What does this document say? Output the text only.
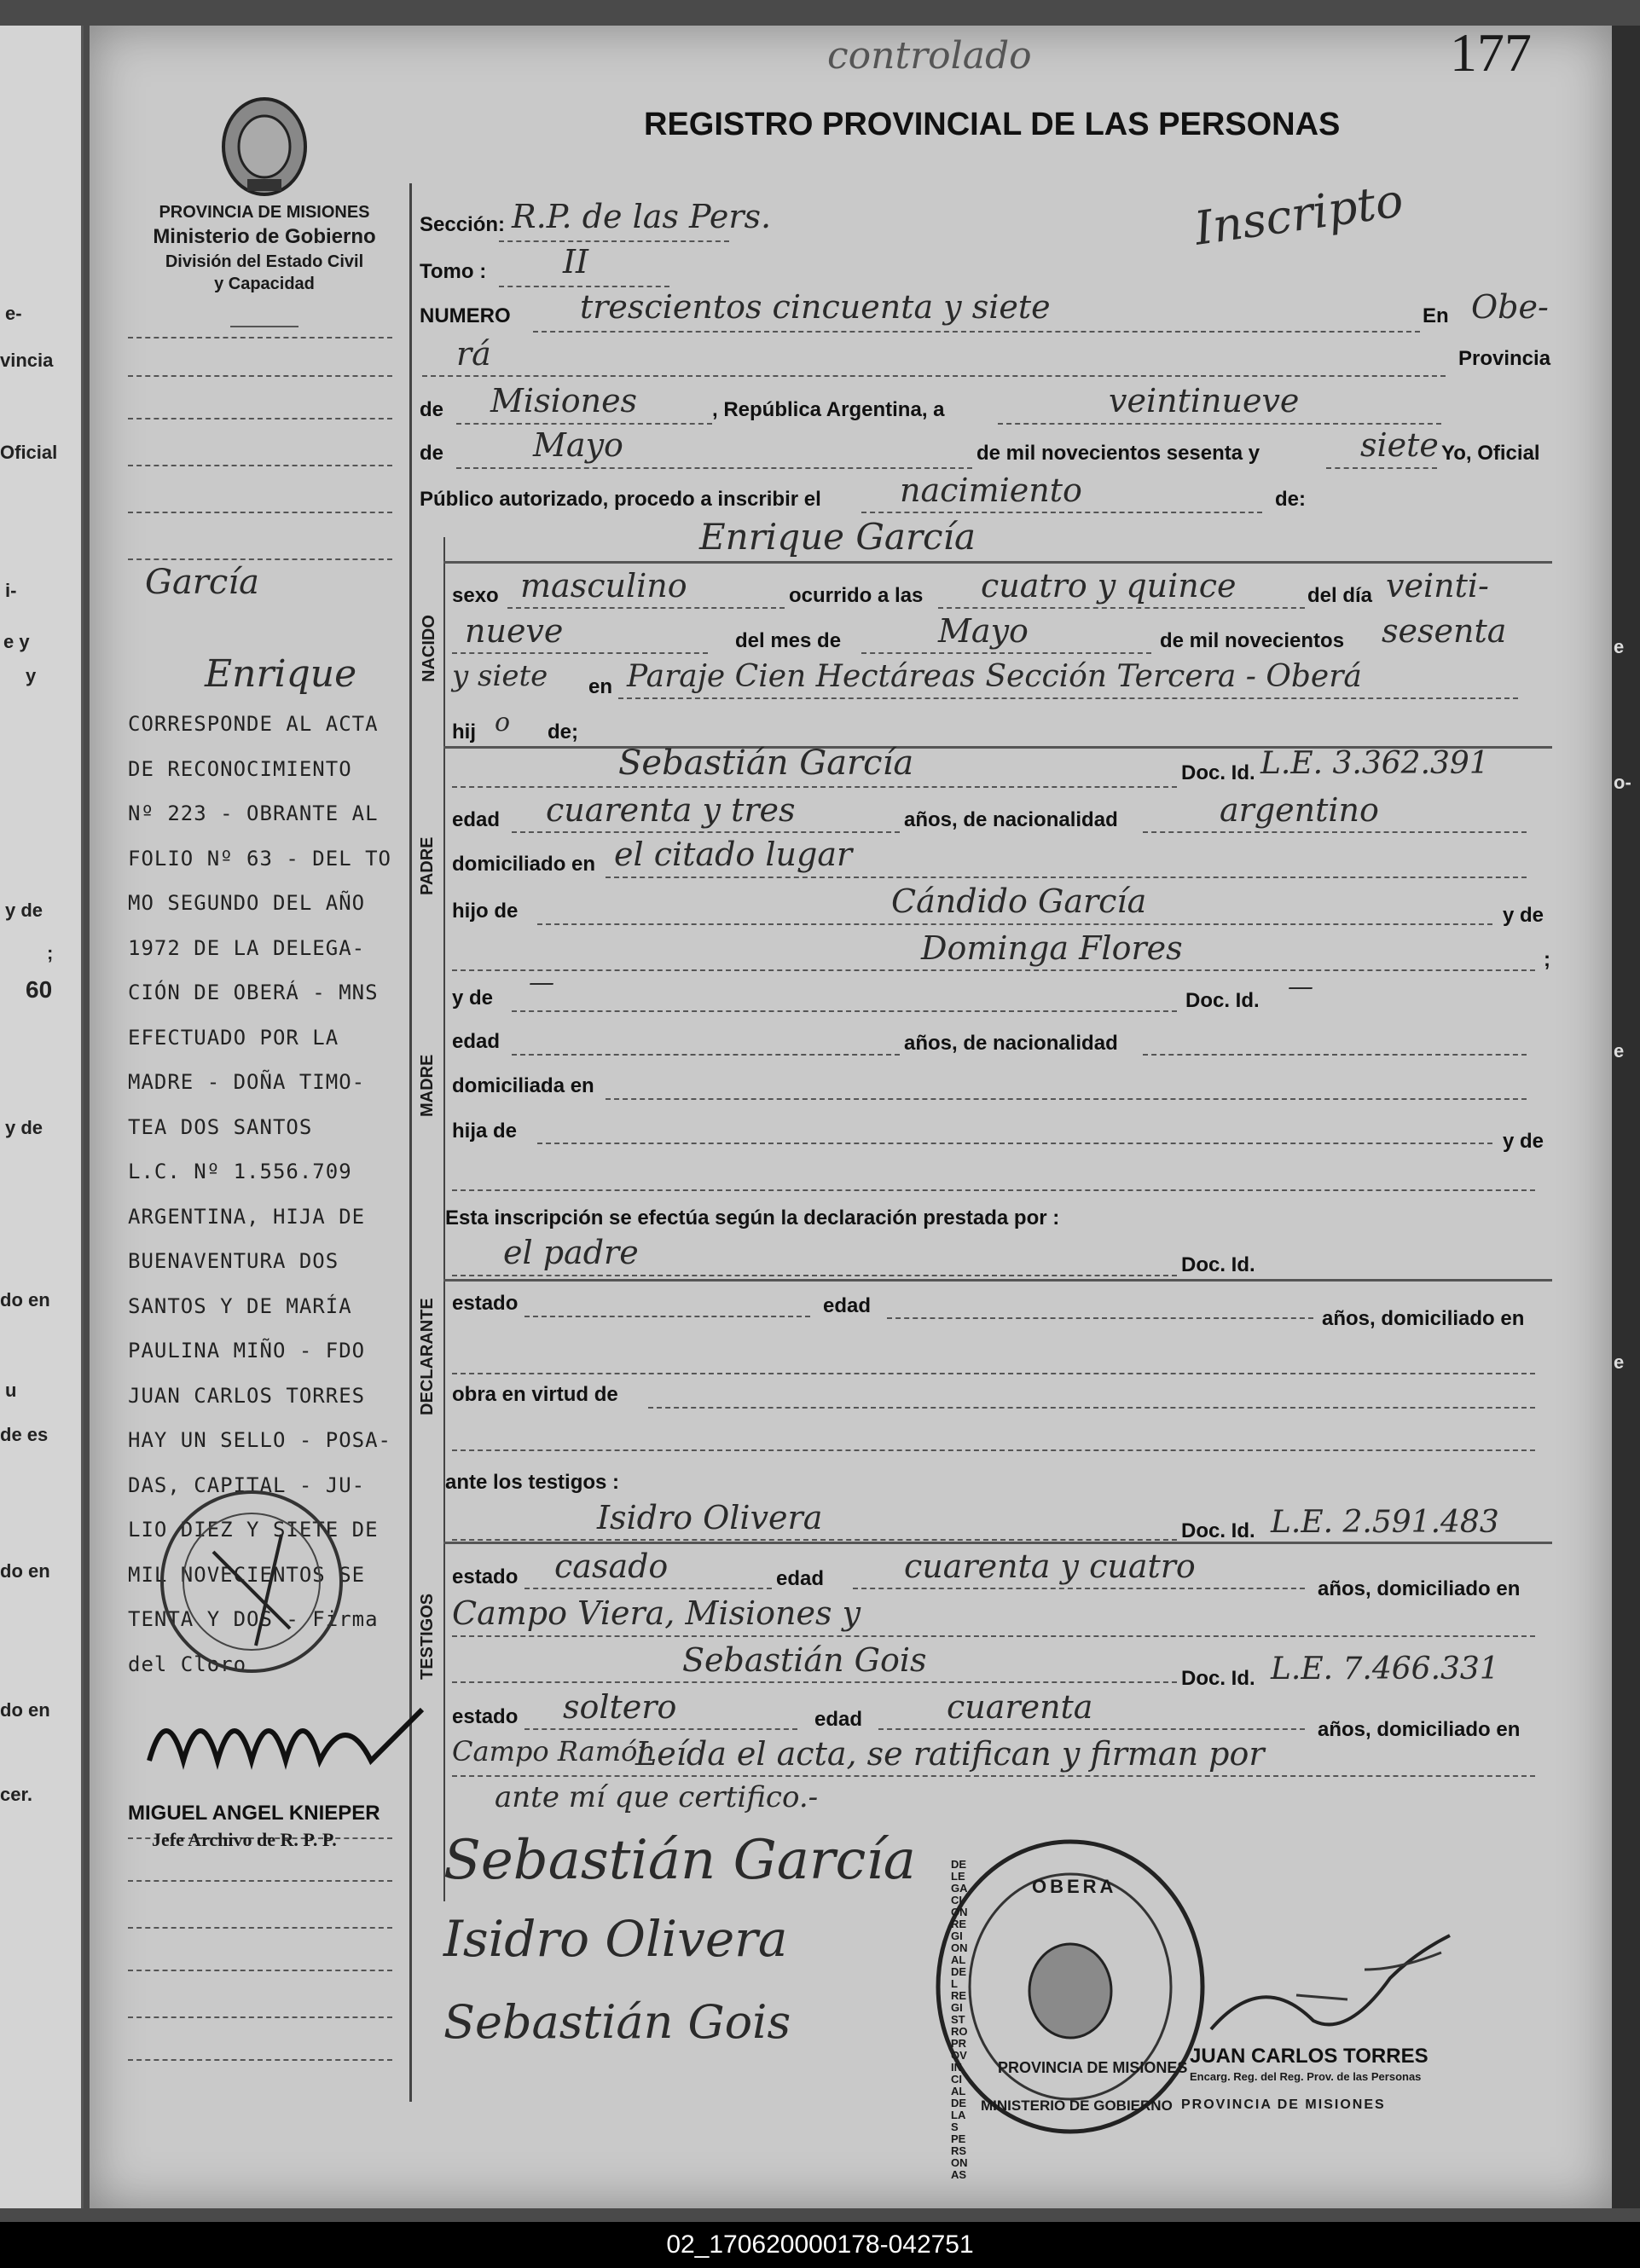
e-
vincia
Oficial
i-
e y
y
y de
;
60
y de
do en
u
de es
do en
do en
cer.
e
o-
e
e
controlado	177
REGISTRO PROVINCIAL DE LAS PERSONAS
Inscripto
PROVINCIA DE MISIONES
Ministerio de Gobierno
División del Estado Civil
y Capacidad
García
Enrique
CORRESPONDE AL ACTA
DE RECONOCIMIENTO
Nº 223 - OBRANTE AL
FOLIO Nº 63 - DEL TO
MO SEGUNDO DEL AÑO
1972 DE LA DELEGA-
CIÓN DE OBERÁ - MNS
EFECTUADO POR LA
MADRE - DOÑA TIMO-
TEA DOS SANTOS
L.C. Nº 1.556.709
ARGENTINA, HIJA DE
BUENAVENTURA DOS
SANTOS Y DE MARÍA
PAULINA MIÑO - FDO
JUAN CARLOS TORRES
HAY UN SELLO - POSA-
DAS, CAPITAL - JU-
LIO DIEZ Y SIETE DE
MIL NOVECIENTOS SE
TENTA Y DOS - Firma
del Cloro
MIGUEL ANGEL KNIEPER
Jefe Archivo de R. P. P.
Sección: R.P. de las Pers.
Tomo : II
NUMERO trescientos cincuenta y siete	En Obe-
rá	Provincia
de Misiones	, República Argentina, a	veintinueve
de	Mayo	de mil novecientos sesenta y	siete Yo, Oficial
Público autorizado, procedo a inscribir el nacimiento	de:
NACIDO
Enrique García
sexo masculino	ocurrido a las cuatro y quince	del día veinti-
nueve	del mes de	Mayo	de mil novecientos sesenta
y siete en Paraje Cien Hectáreas Sección Tercera - Oberá
hij o de;
PADRE
Sebastián García	Doc. Id. L.E. 3.362.391
edad cuarenta y tres	años, de nacionalidad	argentino
domiciliado en el citado lugar
hijo de	Cándido García	y de
Dominga Flores	;
y de
—
Doc. Id. —
MADRE
edad	años, de nacionalidad
domiciliada en
hija de	y de
Esta inscripción se efectúa según la declaración prestada por :
el padre	Doc. Id.
DECLARANTE estado	edad
años, domiciliado en
obra en virtud de
ante los testigos :
Isidro Olivera	Doc. Id. L.E. 2.591.483
TESTIGOS
estado casado	edad cuarenta y cuatro
años, domiciliado en
Campo Viera, Misiones y
Sebastián Gois	Doc. Id. L.E. 7.466.331
estado soltero	edad	cuarenta
años, domiciliado en
Campo Ramón
Leída el acta, se ratifican y firman por
ante mí que certifico.-
Sebastián García
Isidro Olivera
Sebastián Gois
OBERA
PROVINCIA DE MISIONES
MINISTERIO DE GOBIERNO
DELEGACION REGIONAL DEL REGISTRO PROVINCIAL DE LAS PERSONAS
JUAN CARLOS TORRES
Encarg. Reg. del Reg. Prov. de las Personas
PROVINCIA DE MISIONES
02_170620000178-042751
